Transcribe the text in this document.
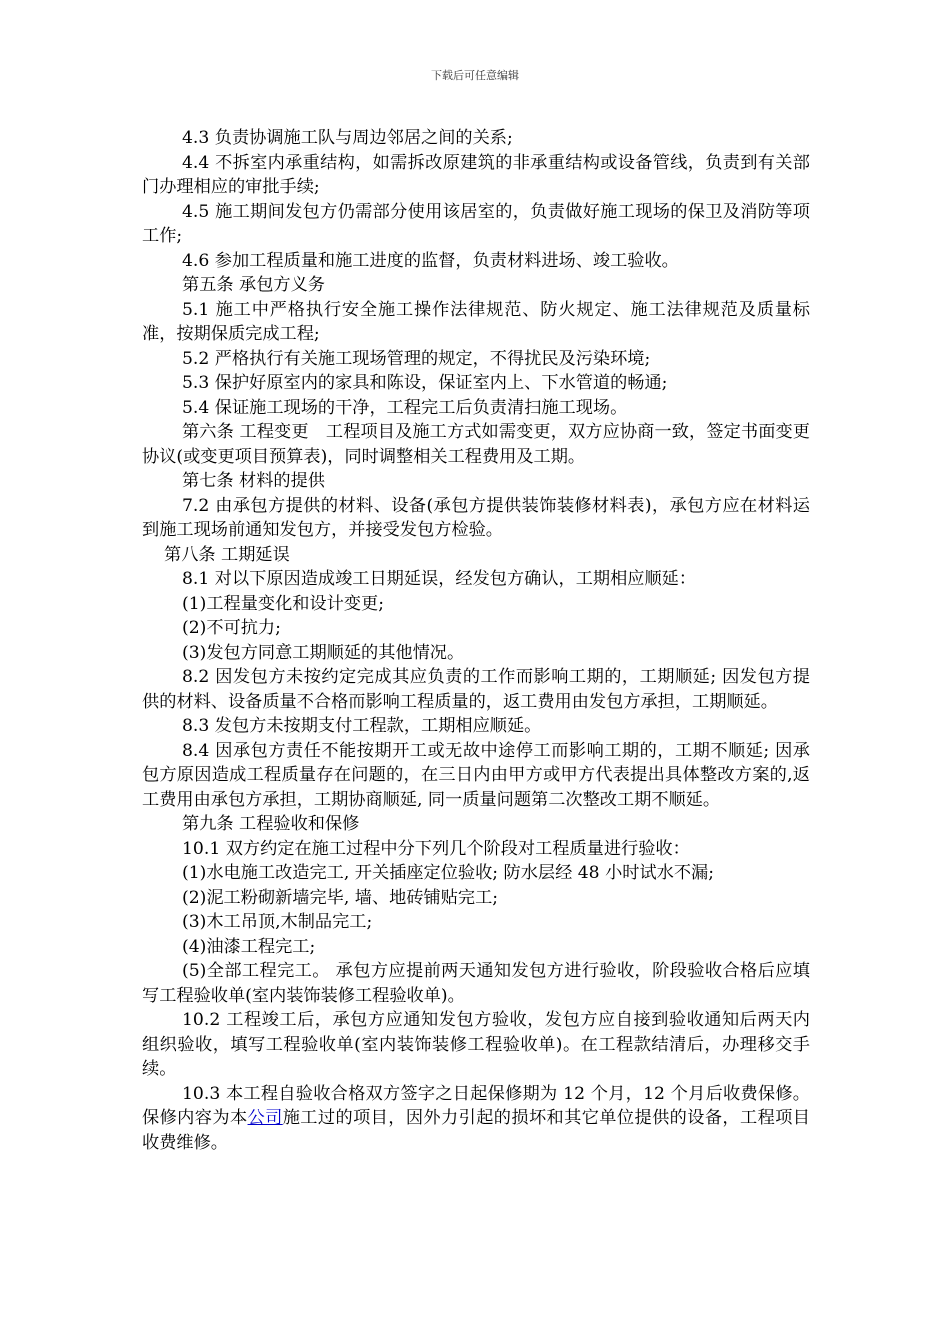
下载后可任意编辑

4.3 负责协调施工队与周边邻居之间的关系;

4.4 不拆室内承重结构，如需拆改原建筑的非承重结构或设备管线，负责到有关部门办理相应的审批手续;

4.5 施工期间发包方仍需部分使用该居室的，负责做好施工现场的保卫及消防等项工作;

4.6 参加工程质量和施工进度的监督，负责材料进场、竣工验收。

第五条 承包方义务

5.1 施工中严格执行安全施工操作法律规范、防火规定、施工法律规范及质量标准，按期保质完成工程;

5.2 严格执行有关施工现场管理的规定，不得扰民及污染环境;

5.3 保护好原室内的家具和陈设，保证室内上、下水管道的畅通;

5.4 保证施工现场的干净，工程完工后负责清扫施工现场。

第六条 工程变更　工程项目及施工方式如需变更，双方应协商一致，签定书面变更协议(或变更项目预算表)，同时调整相关工程费用及工期。

第七条 材料的提供

7.2 由承包方提供的材料、设备(承包方提供装饰装修材料表)，承包方应在材料运到施工现场前通知发包方，并接受发包方检验。

第八条 工期延误

8.1 对以下原因造成竣工日期延误，经发包方确认，工期相应顺延：

(1)工程量变化和设计变更;

(2)不可抗力;

(3)发包方同意工期顺延的其他情况。

8.2 因发包方未按约定完成其应负责的工作而影响工期的，工期顺延; 因发包方提供的材料、设备质量不合格而影响工程质量的，返工费用由发包方承担，工期顺延。

8.3 发包方未按期支付工程款，工期相应顺延。

8.4 因承包方责任不能按期开工或无故中途停工而影响工期的，工期不顺延; 因承包方原因造成工程质量存在问题的，在三日内由甲方或甲方代表提出具体整改方案的,返工费用由承包方承担，工期协商顺延, 同一质量问题第二次整改工期不顺延。

第九条 工程验收和保修

10.1 双方约定在施工过程中分下列几个阶段对工程质量进行验收：

(1)水电施工改造完工, 开关插座定位验收; 防水层经 48 小时试水不漏;

(2)泥工粉砌新墙完毕, 墙、地砖铺贴完工;

(3)木工吊顶,木制品完工;

(4)油漆工程完工;

(5)全部工程完工。 承包方应提前两天通知发包方进行验收，阶段验收合格后应填写工程验收单(室内装饰装修工程验收单)。

10.2 工程竣工后，承包方应通知发包方验收，发包方应自接到验收通知后两天内组织验收，填写工程验收单(室内装饰装修工程验收单)。在工程款结清后，办理移交手续。

10.3 本工程自验收合格双方签字之日起保修期为 12 个月，12 个月后收费保修。保修内容为本公司施工过的项目，因外力引起的损坏和其它单位提供的设备，工程项目收费维修。
